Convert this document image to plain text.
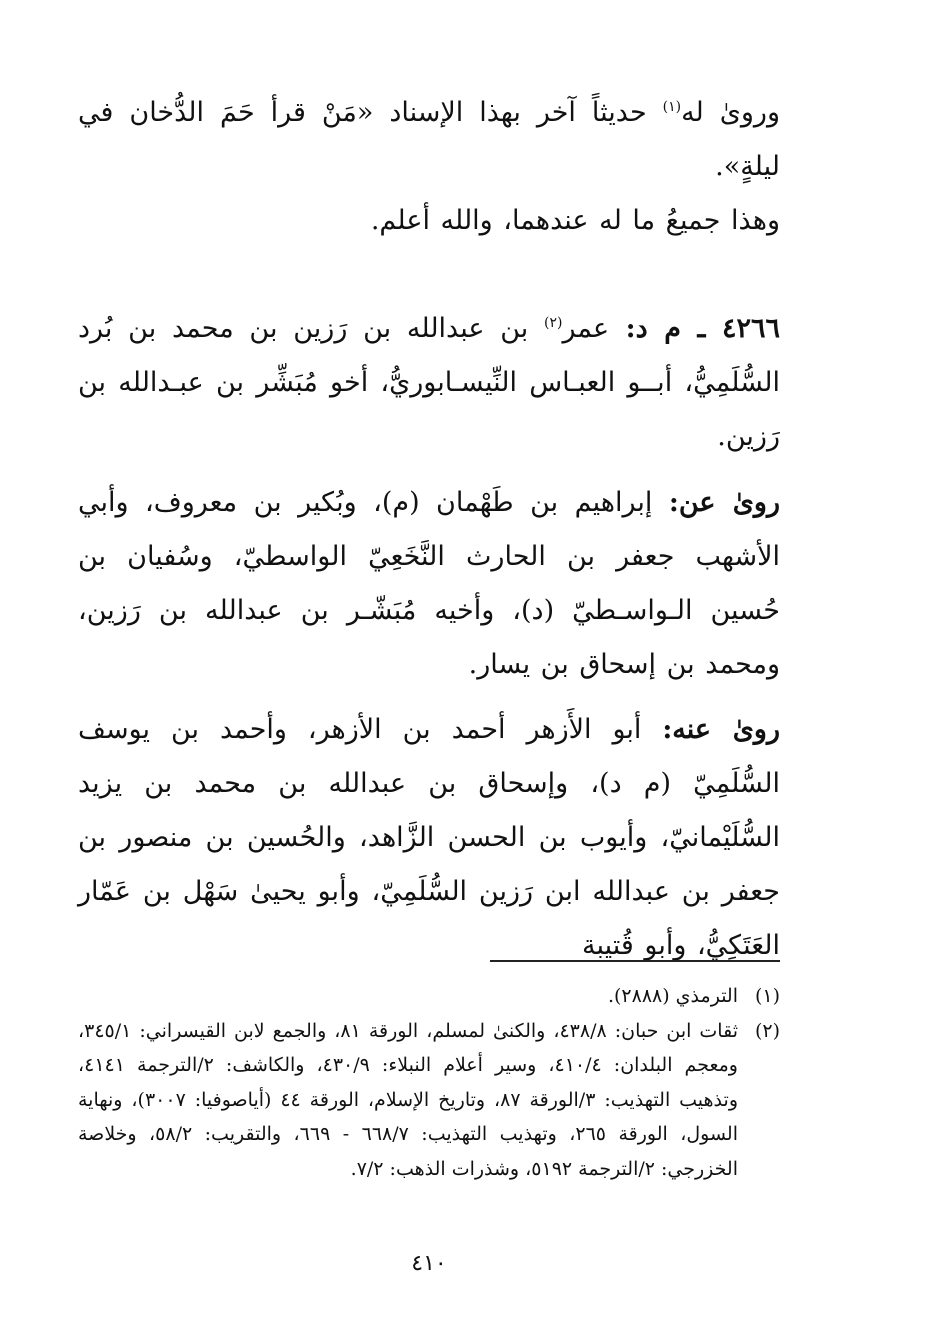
وروىٰ له$^{(١)}$ حديثاً آخر بهذا الإسناد «مَنْ قرأ حَمَ الدُّخان في ليلةٍ».

وهذا جميعُ ما له عندهما، والله أعلم.

٤٢٦٦ ـ م د: عمر$^{(٢)}$ بن عبدالله بن رَزين بن محمد بن بُرد السُّلَمِيُّ، أبــو العبـاس النِّيسـابوريُّ، أخو مُبَشِّر بن عبـدالله بن رَزين.

روىٰ عن: إبراهيم بن طَهْمان (م)، وبُكير بن معروف، وأبي الأشهب جعفر بن الحارث النَّخَعِيّ الواسطيّ، وسُفيان بن حُسين الـواسـطيّ (د)، وأخيه مُبَشّـر بن عبدالله بن رَزين، ومحمد بن إسحاق بن يسار.

روىٰ عنه: أبو الأَزهر أحمد بن الأزهر، وأحمد بن يوسف السُّلَمِيّ (م د)، وإسحاق بن عبدالله بن محمد بن يزيد السُّلَيْمانيّ، وأيوب بن الحسن الزَّاهد، والحُسين بن منصور بن جعفر بن عبدالله ابن رَزين السُّلَمِيّ، وأبو يحيىٰ سَهْل بن عَمّار العَتَكِيُّ، وأبو قُتيبة

(١)
الترمذي (٢٨٨٨).
(٢)
ثقات ابن حبان: ٤٣٨/٨، والكنىٰ لمسلم، الورقة ٨١، والجمع لابن القيسراني: ٣٤٥/١، ومعجم البلدان: ٤١٠/٤، وسير أعلام النبلاء: ٤٣٠/٩، والكاشف: ٢/الترجمة ٤١٤١، وتذهيب التهذيب: ٣/الورقة ٨٧، وتاريخ الإسلام، الورقة ٤٤ (أياصوفيا: ٣٠٠٧)، ونهاية السول، الورقة ٢٦٥، وتهذيب التهذيب: ٦٦٨/٧ - ٦٦٩، والتقريب: ٥٨/٢، وخلاصة الخزرجي: ٢/الترجمة ٥١٩٢، وشذرات الذهب: ٧/٢.
٤١٠
